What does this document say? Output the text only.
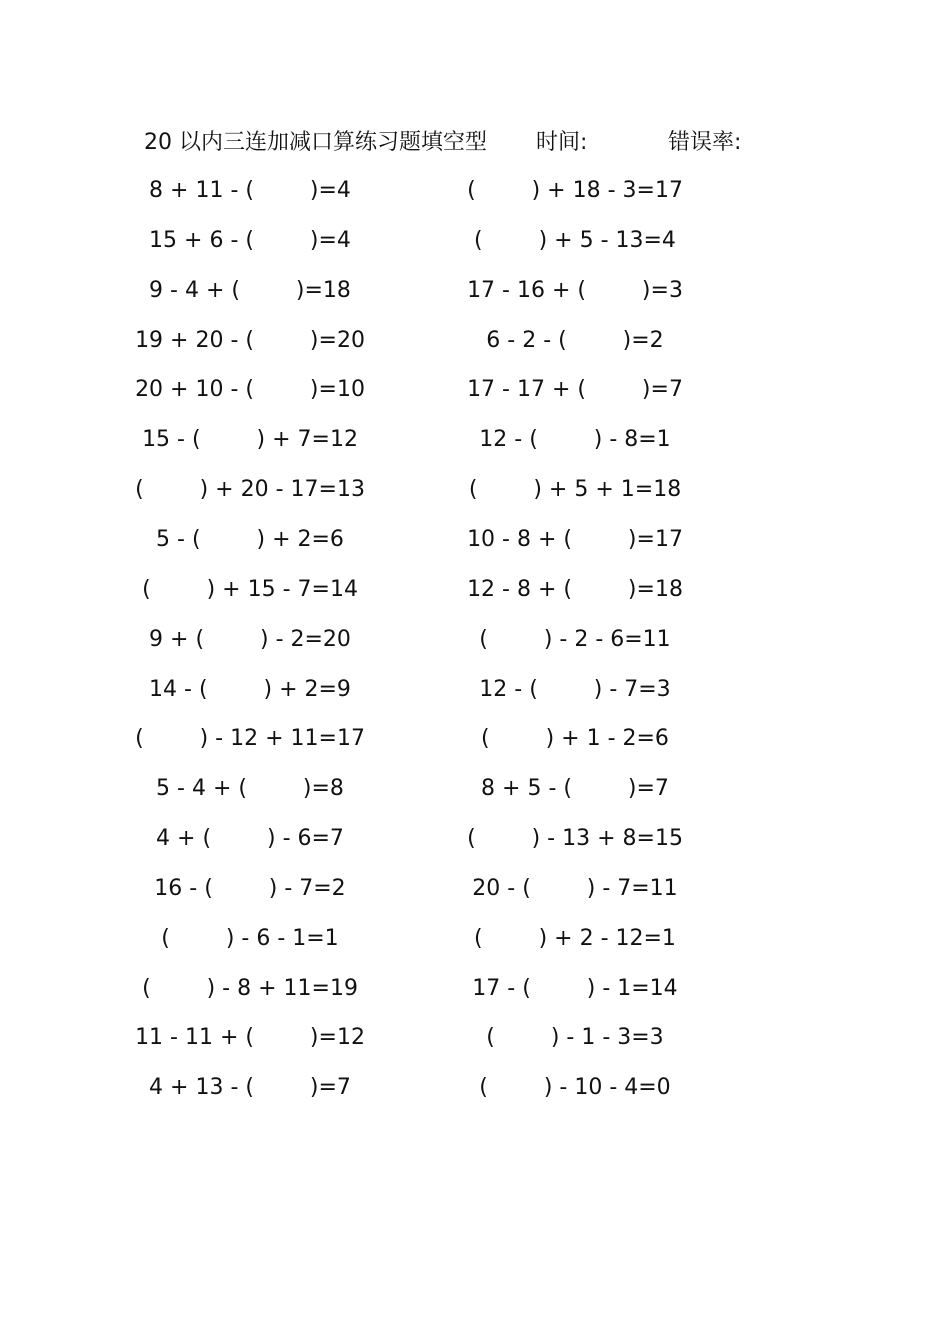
20 以内三连加减口算练习题填空型 时间:	错误率:
8 + 11 - (        )=4	(        ) + 18 - 3=17
15 + 6 - (        )=4	(        ) + 5 - 13=4
9 - 4 + (        )=18	17 - 16 + (        )=3
19 + 20 - (        )=20	6 - 2 - (        )=2
20 + 10 - (        )=10	17 - 17 + (        )=7
15 - (        ) + 7=12	12 - (        ) - 8=1
(        ) + 20 - 17=13	(        ) + 5 + 1=18
5 - (        ) + 2=6	10 - 8 + (        )=17
(        ) + 15 - 7=14	12 - 8 + (        )=18
9 + (        ) - 2=20	(        ) - 2 - 6=11
14 - (        ) + 2=9	12 - (        ) - 7=3
(        ) - 12 + 11=17	(        ) + 1 - 2=6
5 - 4 + (        )=8	8 + 5 - (        )=7
4 + (        ) - 6=7	(        ) - 13 + 8=15
16 - (        ) - 7=2	20 - (        ) - 7=11
(        ) - 6 - 1=1	(        ) + 2 - 12=1
(        ) - 8 + 11=19	17 - (        ) - 1=14
11 - 11 + (        )=12	(        ) - 1 - 3=3
4 + 13 - (        )=7	(        ) - 10 - 4=0
